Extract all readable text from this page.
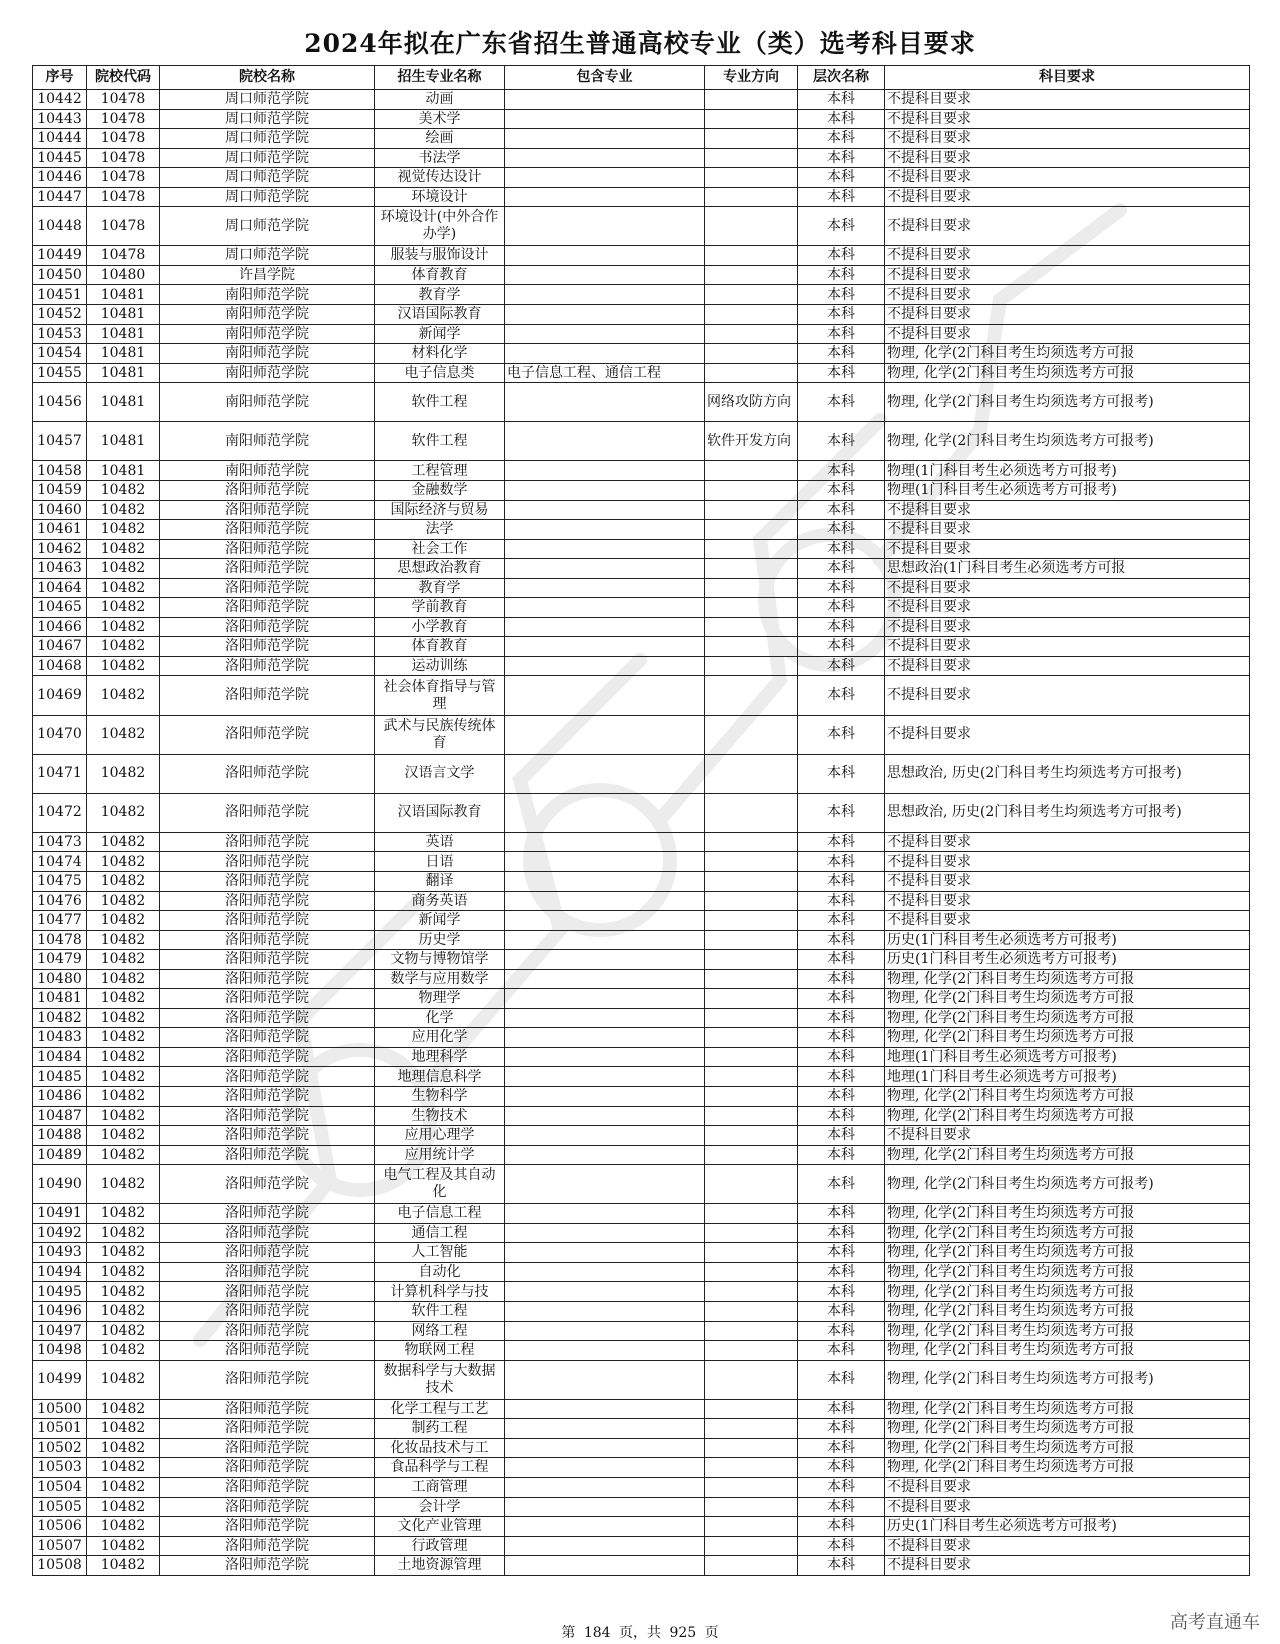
2024年拟在广东省招生普通高校专业（类）选考科目要求
序号	院校代码	院校名称	招生专业名称	包含专业	专业方向	层次名称	科目要求
10442	10478	周口师范学院	动画			本科	不提科目要求
10443	10478	周口师范学院	美术学			本科	不提科目要求
10444	10478	周口师范学院	绘画			本科	不提科目要求
10445	10478	周口师范学院	书法学			本科	不提科目要求
10446	10478	周口师范学院	视觉传达设计			本科	不提科目要求
10447	10478	周口师范学院	环境设计			本科	不提科目要求
10448	10478	周口师范学院	环境设计(中外合作办学)			本科	不提科目要求
10449	10478	周口师范学院	服装与服饰设计			本科	不提科目要求
10450	10480	许昌学院	体育教育			本科	不提科目要求
10451	10481	南阳师范学院	教育学			本科	不提科目要求
10452	10481	南阳师范学院	汉语国际教育			本科	不提科目要求
10453	10481	南阳师范学院	新闻学			本科	不提科目要求
10454	10481	南阳师范学院	材料化学			本科	物理, 化学(2门科目考生均须选考方可报
10455	10481	南阳师范学院	电子信息类	电子信息工程、通信工程		本科	物理, 化学(2门科目考生均须选考方可报
10456	10481	南阳师范学院	软件工程		网络攻防方向	本科	物理, 化学(2门科目考生均须选考方可报考)
10457	10481	南阳师范学院	软件工程		软件开发方向	本科	物理, 化学(2门科目考生均须选考方可报考)
10458	10481	南阳师范学院	工程管理			本科	物理(1门科目考生必须选考方可报考)
10459	10482	洛阳师范学院	金融数学			本科	物理(1门科目考生必须选考方可报考)
10460	10482	洛阳师范学院	国际经济与贸易			本科	不提科目要求
10461	10482	洛阳师范学院	法学			本科	不提科目要求
10462	10482	洛阳师范学院	社会工作			本科	不提科目要求
10463	10482	洛阳师范学院	思想政治教育			本科	思想政治(1门科目考生必须选考方可报
10464	10482	洛阳师范学院	教育学			本科	不提科目要求
10465	10482	洛阳师范学院	学前教育			本科	不提科目要求
10466	10482	洛阳师范学院	小学教育			本科	不提科目要求
10467	10482	洛阳师范学院	体育教育			本科	不提科目要求
10468	10482	洛阳师范学院	运动训练			本科	不提科目要求
10469	10482	洛阳师范学院	社会体育指导与管理			本科	不提科目要求
10470	10482	洛阳师范学院	武术与民族传统体育			本科	不提科目要求
10471	10482	洛阳师范学院	汉语言文学			本科	思想政治, 历史(2门科目考生均须选考方可报考)
10472	10482	洛阳师范学院	汉语国际教育			本科	思想政治, 历史(2门科目考生均须选考方可报考)
10473	10482	洛阳师范学院	英语			本科	不提科目要求
10474	10482	洛阳师范学院	日语			本科	不提科目要求
10475	10482	洛阳师范学院	翻译			本科	不提科目要求
10476	10482	洛阳师范学院	商务英语			本科	不提科目要求
10477	10482	洛阳师范学院	新闻学			本科	不提科目要求
10478	10482	洛阳师范学院	历史学			本科	历史(1门科目考生必须选考方可报考)
10479	10482	洛阳师范学院	文物与博物馆学			本科	历史(1门科目考生必须选考方可报考)
10480	10482	洛阳师范学院	数学与应用数学			本科	物理, 化学(2门科目考生均须选考方可报
10481	10482	洛阳师范学院	物理学			本科	物理, 化学(2门科目考生均须选考方可报
10482	10482	洛阳师范学院	化学			本科	物理, 化学(2门科目考生均须选考方可报
10483	10482	洛阳师范学院	应用化学			本科	物理, 化学(2门科目考生均须选考方可报
10484	10482	洛阳师范学院	地理科学			本科	地理(1门科目考生必须选考方可报考)
10485	10482	洛阳师范学院	地理信息科学			本科	地理(1门科目考生必须选考方可报考)
10486	10482	洛阳师范学院	生物科学			本科	物理, 化学(2门科目考生均须选考方可报
10487	10482	洛阳师范学院	生物技术			本科	物理, 化学(2门科目考生均须选考方可报
10488	10482	洛阳师范学院	应用心理学			本科	不提科目要求
10489	10482	洛阳师范学院	应用统计学			本科	物理, 化学(2门科目考生均须选考方可报
10490	10482	洛阳师范学院	电气工程及其自动化			本科	物理, 化学(2门科目考生均须选考方可报考)
10491	10482	洛阳师范学院	电子信息工程			本科	物理, 化学(2门科目考生均须选考方可报
10492	10482	洛阳师范学院	通信工程			本科	物理, 化学(2门科目考生均须选考方可报
10493	10482	洛阳师范学院	人工智能			本科	物理, 化学(2门科目考生均须选考方可报
10494	10482	洛阳师范学院	自动化			本科	物理, 化学(2门科目考生均须选考方可报
10495	10482	洛阳师范学院	计算机科学与技			本科	物理, 化学(2门科目考生均须选考方可报
10496	10482	洛阳师范学院	软件工程			本科	物理, 化学(2门科目考生均须选考方可报
10497	10482	洛阳师范学院	网络工程			本科	物理, 化学(2门科目考生均须选考方可报
10498	10482	洛阳师范学院	物联网工程			本科	物理, 化学(2门科目考生均须选考方可报
10499	10482	洛阳师范学院	数据科学与大数据技术			本科	物理, 化学(2门科目考生均须选考方可报考)
10500	10482	洛阳师范学院	化学工程与工艺			本科	物理, 化学(2门科目考生均须选考方可报
10501	10482	洛阳师范学院	制药工程			本科	物理, 化学(2门科目考生均须选考方可报
10502	10482	洛阳师范学院	化妆品技术与工			本科	物理, 化学(2门科目考生均须选考方可报
10503	10482	洛阳师范学院	食品科学与工程			本科	物理, 化学(2门科目考生均须选考方可报
10504	10482	洛阳师范学院	工商管理			本科	不提科目要求
10505	10482	洛阳师范学院	会计学			本科	不提科目要求
10506	10482	洛阳师范学院	文化产业管理			本科	历史(1门科目考生必须选考方可报考)
10507	10482	洛阳师范学院	行政管理			本科	不提科目要求
10508	10482	洛阳师范学院	土地资源管理			本科	不提科目要求
第 184 页，共 925 页	高考直通车
